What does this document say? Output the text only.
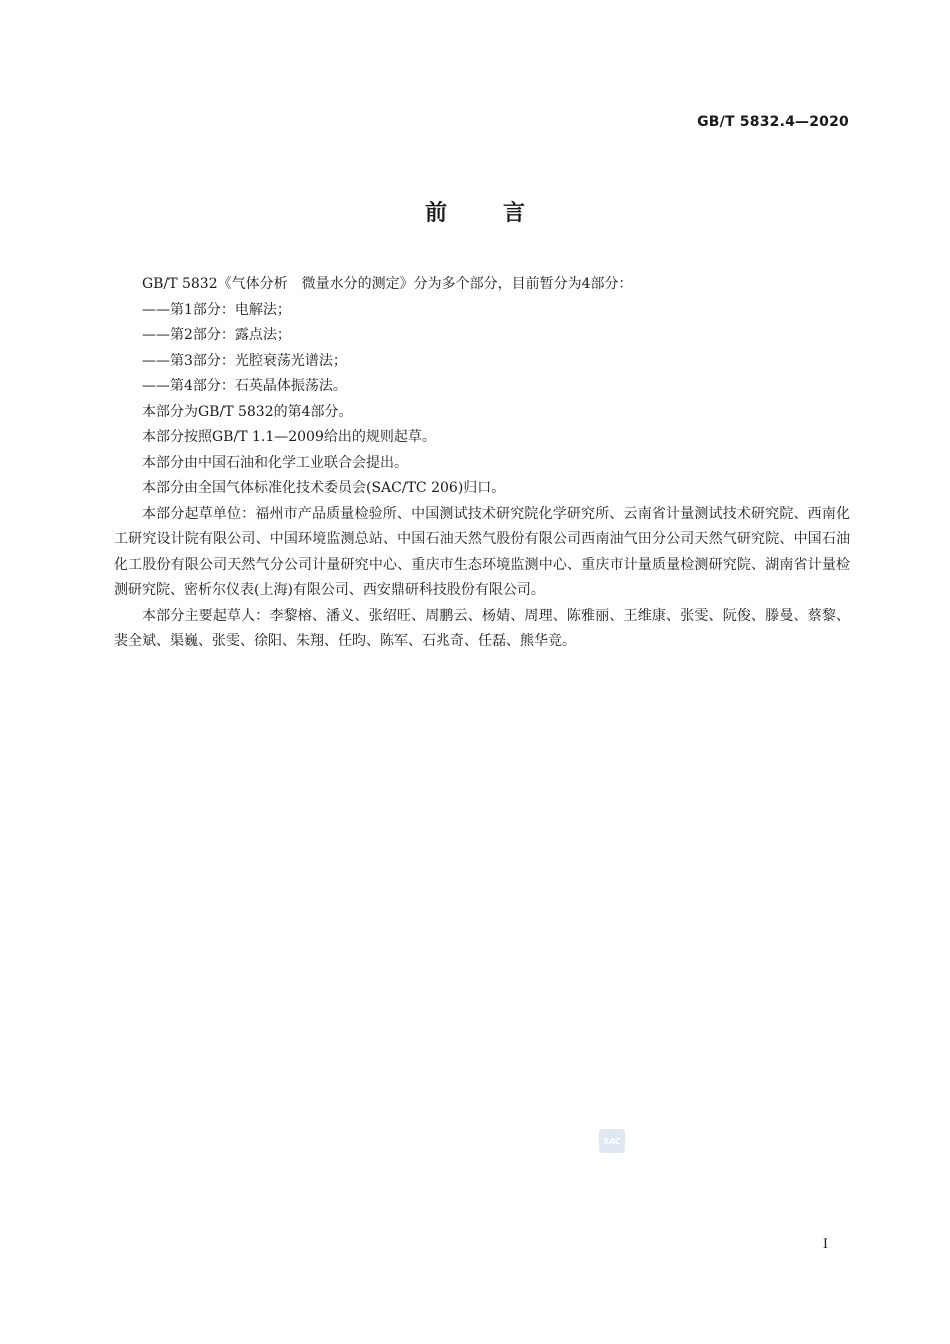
GB/T 5832.4—2020
前言

GB/T 5832《气体分析　微量水分的测定》分为多个部分，目前暂分为4部分：

——第1部分：电解法；

——第2部分：露点法；

——第3部分：光腔衰荡光谱法；

——第4部分：石英晶体振荡法。

本部分为GB/T 5832的第4部分。

本部分按照GB/T 1.1—2009给出的规则起草。

本部分由中国石油和化学工业联合会提出。

本部分由全国气体标准化技术委员会(SAC/TC 206)归口。

本部分起草单位：福州市产品质量检验所、中国测试技术研究院化学研究所、云南省计量测试技术研究院、西南化工研究设计院有限公司、中国环境监测总站、中国石油天然气股份有限公司西南油气田分公司天然气研究院、中国石油化工股份有限公司天然气分公司计量研究中心、重庆市生态环境监测中心、重庆市计量质量检测研究院、湖南省计量检测研究院、密析尔仪表(上海)有限公司、西安鼎研科技股份有限公司。

本部分主要起草人：李黎榕、潘义、张绍旺、周鹏云、杨婧、周理、陈雅丽、王维康、张雯、阮俊、滕曼、蔡黎、裴全斌、渠巍、张雯、徐阳、朱翔、任昀、陈军、石兆奇、任磊、熊华竞。

SAC
I
